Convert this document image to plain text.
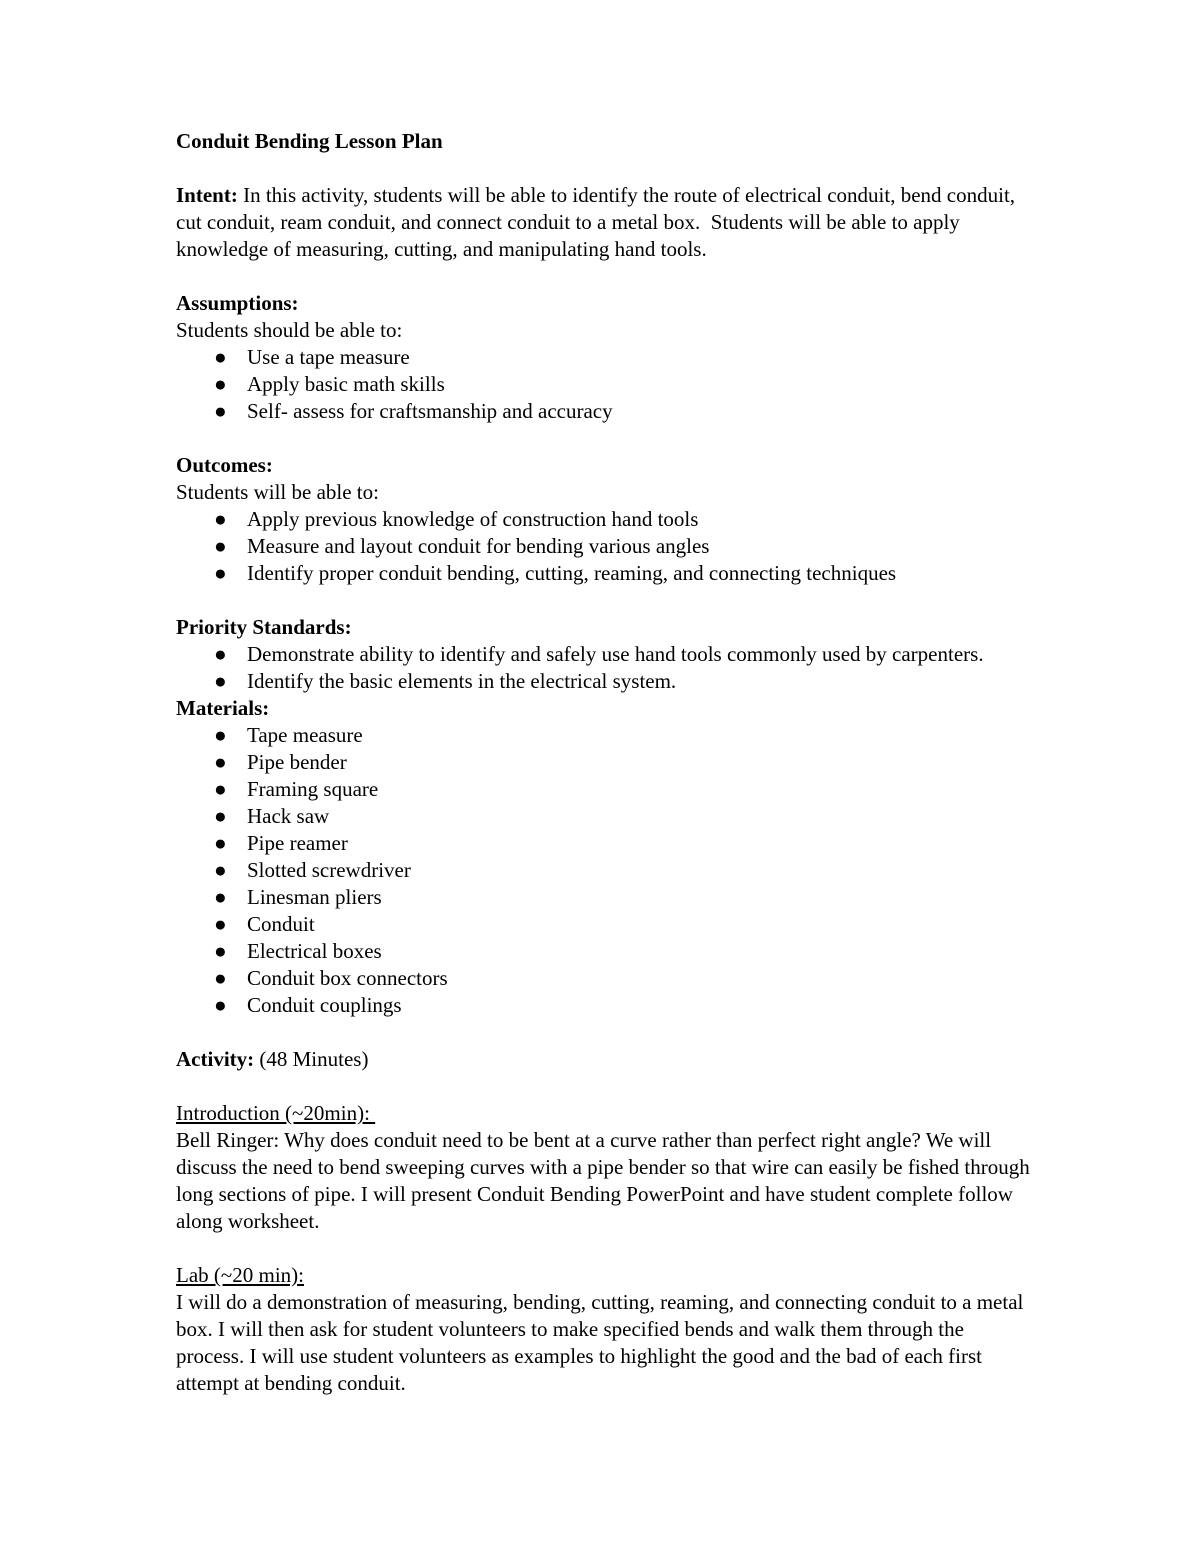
Conduit Bending Lesson Plan

Intent: In this activity, students will be able to identify the route of electrical conduit, bend conduit, cut conduit, ream conduit, and connect conduit to a metal box.  Students will be able to apply knowledge of measuring, cutting, and manipulating hand tools.

Assumptions:

Students should be able to:

● Use a tape measure
● Apply basic math skills
● Self- assess for craftsmanship and accuracy

Outcomes:

Students will be able to:

● Apply previous knowledge of construction hand tools
● Measure and layout conduit for bending various angles
● Identify proper conduit bending, cutting, reaming, and connecting techniques

Priority Standards:

● Demonstrate ability to identify and safely use hand tools commonly used by carpenters.
● Identify the basic elements in the electrical system.

Materials:

● Tape measure
● Pipe bender
● Framing square
● Hack saw
● Pipe reamer
● Slotted screwdriver
● Linesman pliers
● Conduit
● Electrical boxes
● Conduit box connectors
● Conduit couplings

Activity: (48 Minutes)

Introduction (~20min):

Bell Ringer: Why does conduit need to be bent at a curve rather than perfect right angle? We will discuss the need to bend sweeping curves with a pipe bender so that wire can easily be fished through long sections of pipe. I will present Conduit Bending PowerPoint and have student complete follow along worksheet.

Lab (~20 min):

I will do a demonstration of measuring, bending, cutting, reaming, and connecting conduit to a metal box. I will then ask for student volunteers to make specified bends and walk them through the process. I will use student volunteers as examples to highlight the good and the bad of each first attempt at bending conduit.
